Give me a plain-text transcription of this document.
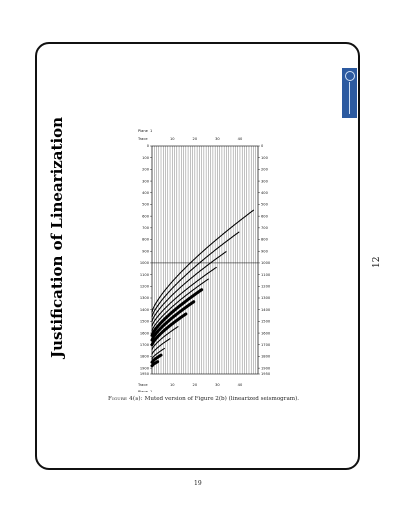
Justification of Linearization	12
Plane 1
Trace	10	20	30	40
0	0
100	100
200	200
300	300
400	400
500	500
600	600
700	700
800	800
900	900
1000	1000
1100	1100
1200	1200
1300	1300
1400	1400
1500	1500
1600	1600
1700	1700
1800	1800
1900	1900
1950	1950
Trace
Plane 1
10	20	30	40
Figure 4(b): Muted version of Figure 2(b) (linearized seismogram).
19
